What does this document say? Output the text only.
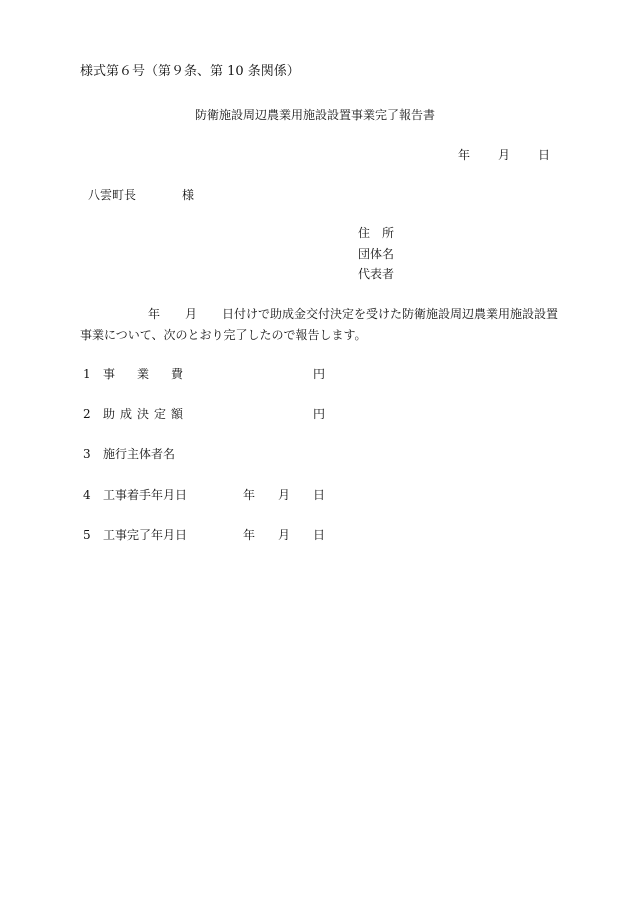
様式第６号（第９条、第 10 条関係）
防衛施設周辺農業用施設設置事業完了報告書
年 月 日
八雲町長	様
住　所
団体名
代表者
年 月 日付けで助成金交付決定を受けた防衛施設周辺農業用施設設置
事業について、次のとおり完了したので報告します。
1 事業費	円
2 助成決定額	円
3 施行主体者名
4 工事着手年月日	年 月 日
5 工事完了年月日	年 月 日
